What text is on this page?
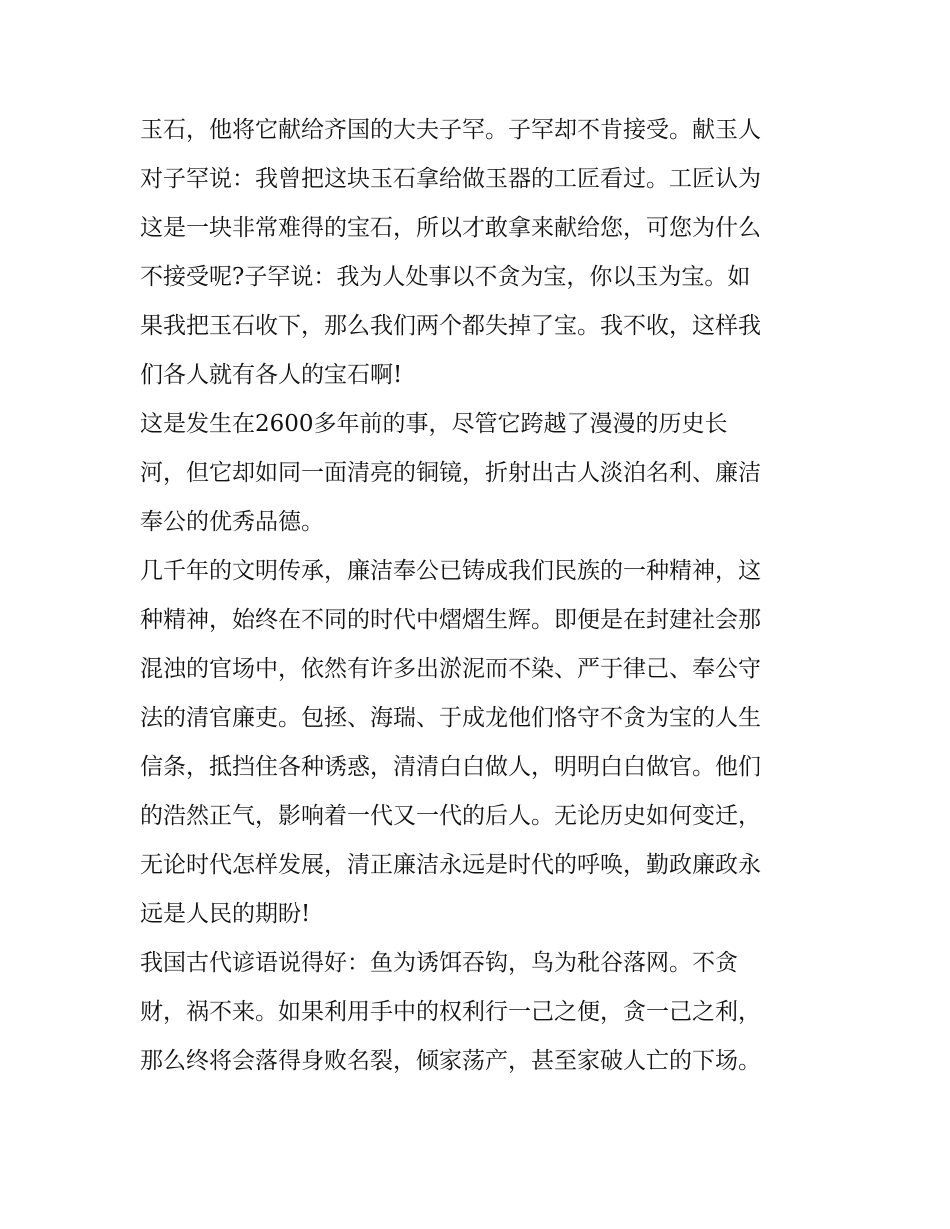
玉石，他将它献给齐国的大夫子罕。子罕却不肯接受。献玉人
对子罕说：我曾把这块玉石拿给做玉器的工匠看过。工匠认为
这是一块非常难得的宝石，所以才敢拿来献给您，可您为什么
不接受呢?子罕说：我为人处事以不贪为宝，你以玉为宝。如
果我把玉石收下，那么我们两个都失掉了宝。我不收，这样我
们各人就有各人的宝石啊!
这是发生在2600多年前的事，尽管它跨越了漫漫的历史长
河，但它却如同一面清亮的铜镜，折射出古人淡泊名利、廉洁
奉公的优秀品德。
几千年的文明传承，廉洁奉公已铸成我们民族的一种精神，这
种精神，始终在不同的时代中熠熠生辉。即便是在封建社会那
混浊的官场中，依然有许多出淤泥而不染、严于律己、奉公守
法的清官廉吏。包拯、海瑞、于成龙他们恪守不贪为宝的人生
信条，抵挡住各种诱惑，清清白白做人，明明白白做官。他们
的浩然正气，影响着一代又一代的后人。无论历史如何变迁，
无论时代怎样发展，清正廉洁永远是时代的呼唤，勤政廉政永
远是人民的期盼!
我国古代谚语说得好：鱼为诱饵吞钩，鸟为秕谷落网。不贪
财，祸不来。如果利用手中的权利行一己之便，贪一己之利，
那么终将会落得身败名裂，倾家荡产，甚至家破人亡的下场。
